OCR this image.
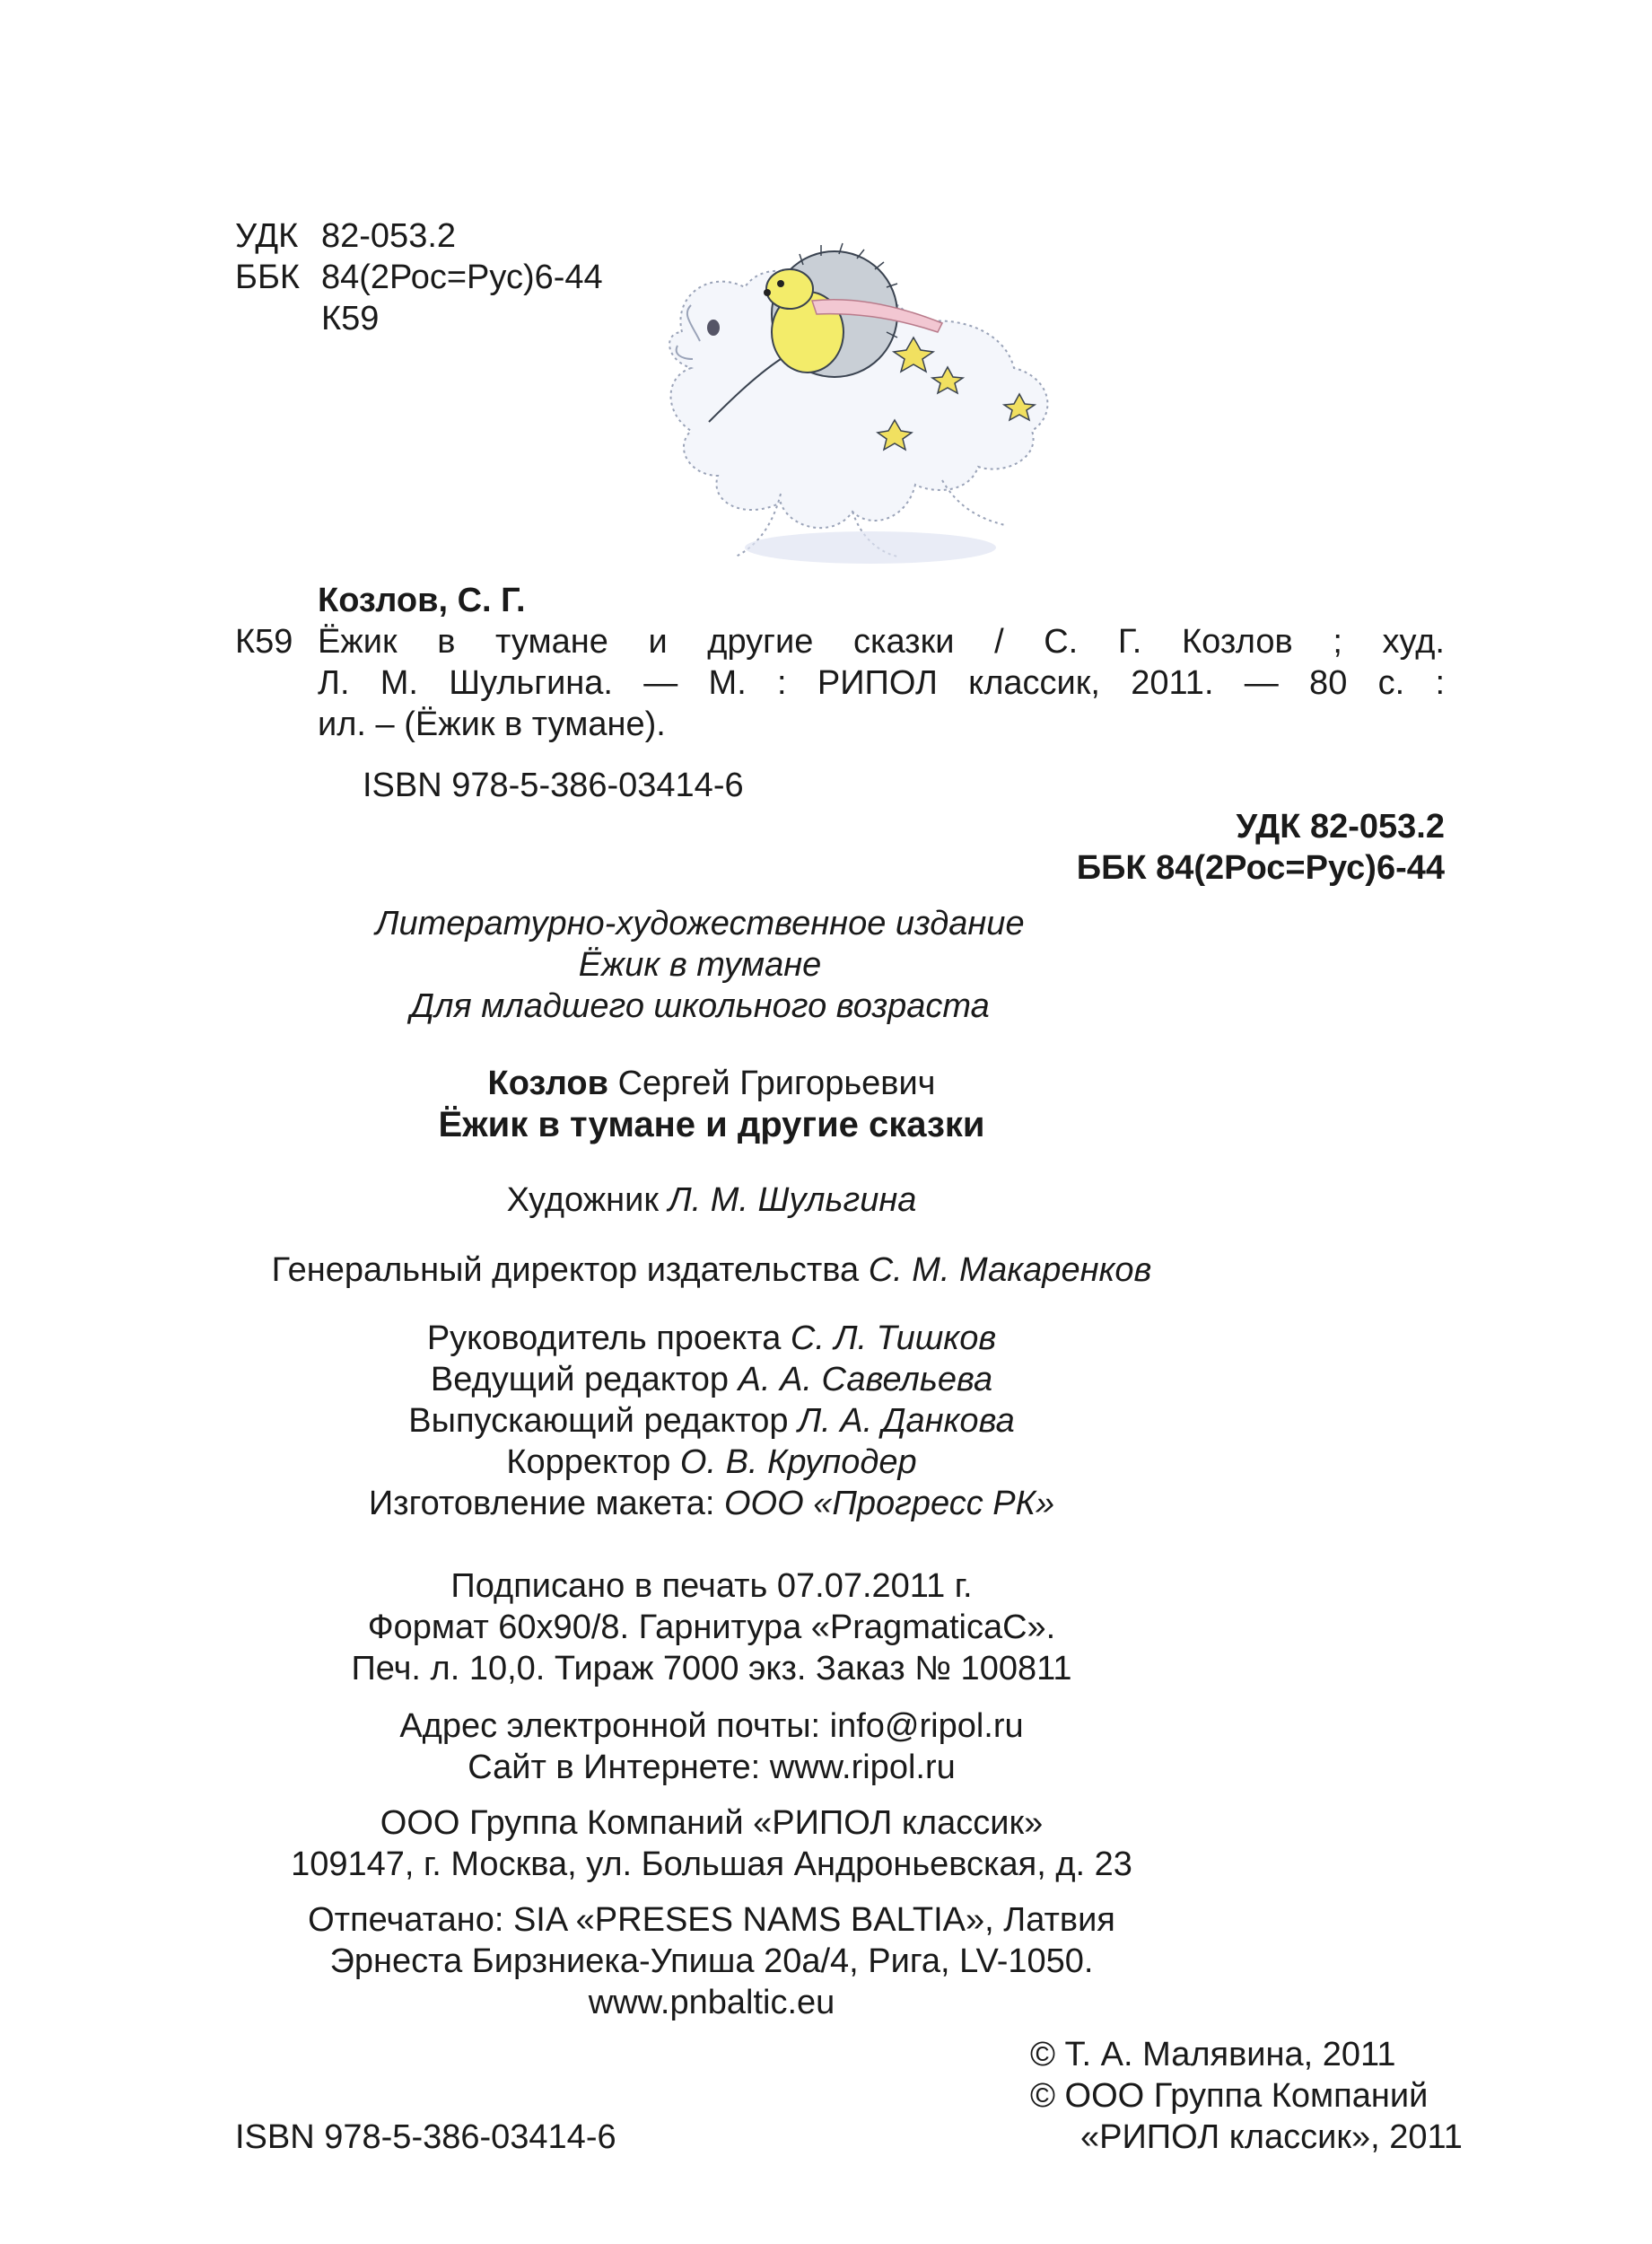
УДК 82-053.2
ББК 84(2Рос=Рус)6-44
К59
Козлов, С. Г.
К59 Ёжик в тумане и другие сказки / С. Г. Козлов ; худ.
Л. М. Шульгина. — М. : РИПОЛ классик, 2011. — 80 с. :
ил. – (Ёжик в тумане).
ISBN 978-5-386-03414-6
УДК 82-053.2
ББК 84(2Рос=Рус)6-44
Литературно-художественное издание
Ёжик в тумане
Для младшего школьного возраста
Козлов Сергей Григорьевич
Ёжик в тумане и другие сказки
Художник Л. М. Шульгина
Генеральный директор издательства С. М. Макаренков
Руководитель проекта С. Л. Тишков
Ведущий редактор А. А. Савельева
Выпускающий редактор Л. А. Данкова
Корректор О. В. Круподер
Изготовление макета: ООО «Прогресс РК»
Подписано в печать 07.07.2011 г.
Формат 60x90/8. Гарнитура «PragmaticaC».
Печ. л. 10,0. Тираж 7000 экз. Заказ № 100811
Адрес электронной почты: info@ripol.ru
Сайт в Интернете: www.ripol.ru
ООО Группа Компаний «РИПОЛ классик»
109147, г. Москва, ул. Большая Андроньевская, д. 23
Отпечатано: SIA «PRESES NAMS BALTIA», Латвия
Эрнеста Бирзниека-Упиша 20а/4, Рига, LV-1050.
www.pnbaltic.eu
© Т. А. Малявина, 2011
© ООО Группа Компаний
«РИПОЛ классик», 2011
ISBN 978-5-386-03414-6
